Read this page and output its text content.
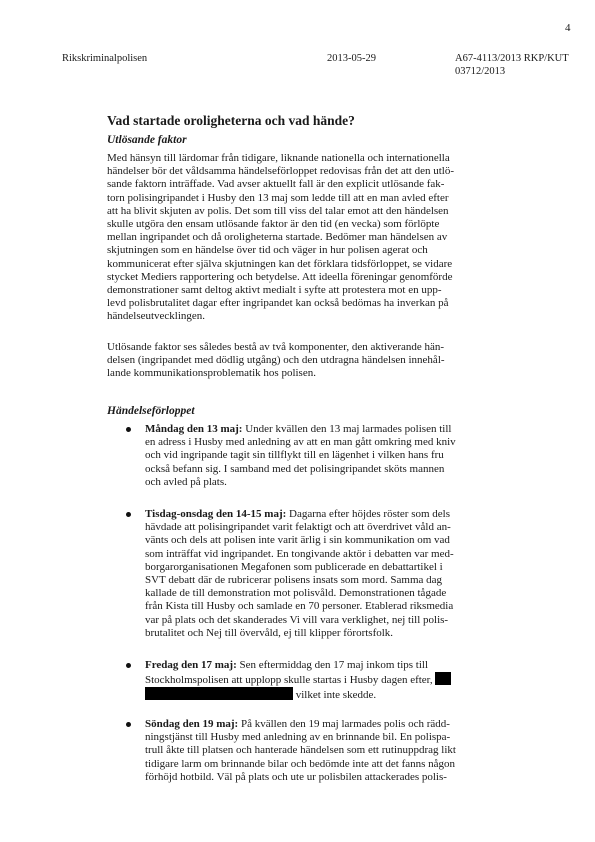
4
Rikskriminalpolisen	2013-05-29	A67-4113/2013 RKP/KUT
03712/2013
Vad startade oroligheterna och vad hände?
Utlösande faktor
Med hänsyn till lärdomar från tidigare, liknande nationella och internationella
händelser bör det våldsamma händelseförloppet redovisas från det att den utlö-
sande faktorn inträffade. Vad avser aktuellt fall är den explicit utlösande fak-
torn polisingripandet i Husby den 13 maj som ledde till att en man avled efter
att ha blivit skjuten av polis. Det som till viss del talar emot att den händelsen
skulle utgöra den ensam utlösande faktor är den tid (en vecka) som förlöpte
mellan ingripandet och då oroligheterna startade. Bedömer man händelsen av
skjutningen som en händelse över tid och väger in hur polisen agerat och
kommunicerat efter själva skjutningen kan det förklara tidsförloppet, se vidare
stycket Mediers rapportering och betydelse. Att ideella föreningar genomförde
demonstrationer samt deltog aktivt medialt i syfte att protestera mot en upp-
levd polisbrutalitet dagar efter ingripandet kan också bedömas ha inverkan på
händelseutvecklingen.
Utlösande faktor ses således bestå av två komponenter, den aktiverande hän-
delsen (ingripandet med dödlig utgång) och den utdragna händelsen innehål-
lande kommunikationsproblematik hos polisen.
Händelseförloppet
Måndag den 13 maj: Under kvällen den 13 maj larmades polisen till
en adress i Husby med anledning av att en man gått omkring med kniv
och vid ingripande tagit sin tillflykt till en lägenhet i vilken hans fru
också befann sig. I samband med det polisingripandet sköts mannen
och avled på plats.
Tisdag-onsdag den 14-15 maj: Dagarna efter höjdes röster som dels
hävdade att polisingripandet varit felaktigt och att överdrivet våld an-
vänts och dels att polisen inte varit ärlig i sin kommunikation om vad
som inträffat vid ingripandet. En tongivande aktör i debatten var med-
borgarorganisationen Megafonen som publicerade en debattartikel i
SVT debatt där de rubricerar polisens insats som mord. Samma dag
kallade de till demonstration mot polisvåld. Demonstrationen tågade
från Kista till Husby och samlade en 70 personer. Etablerad riksmedia
var på plats och det skanderades Vi vill vara verklighet, nej till polis-
brutalitet och Nej till övervåld, ej till klipper förortsfolk.
Fredag den 17 maj: Sen eftermiddag den 17 maj inkom tips till
Stockholmspolisen att upplopp skulle startas i Husby dagen efter,
vilket inte skedde.
Söndag den 19 maj: På kvällen den 19 maj larmades polis och rädd-
ningstjänst till Husby med anledning av en brinnande bil. En polispa-
trull åkte till platsen och hanterade händelsen som ett rutinuppdrag likt
tidigare larm om brinnande bilar och bedömde inte att det fanns någon
förhöjd hotbild. Väl på plats och ute ur polisbilen attackerades polis-
